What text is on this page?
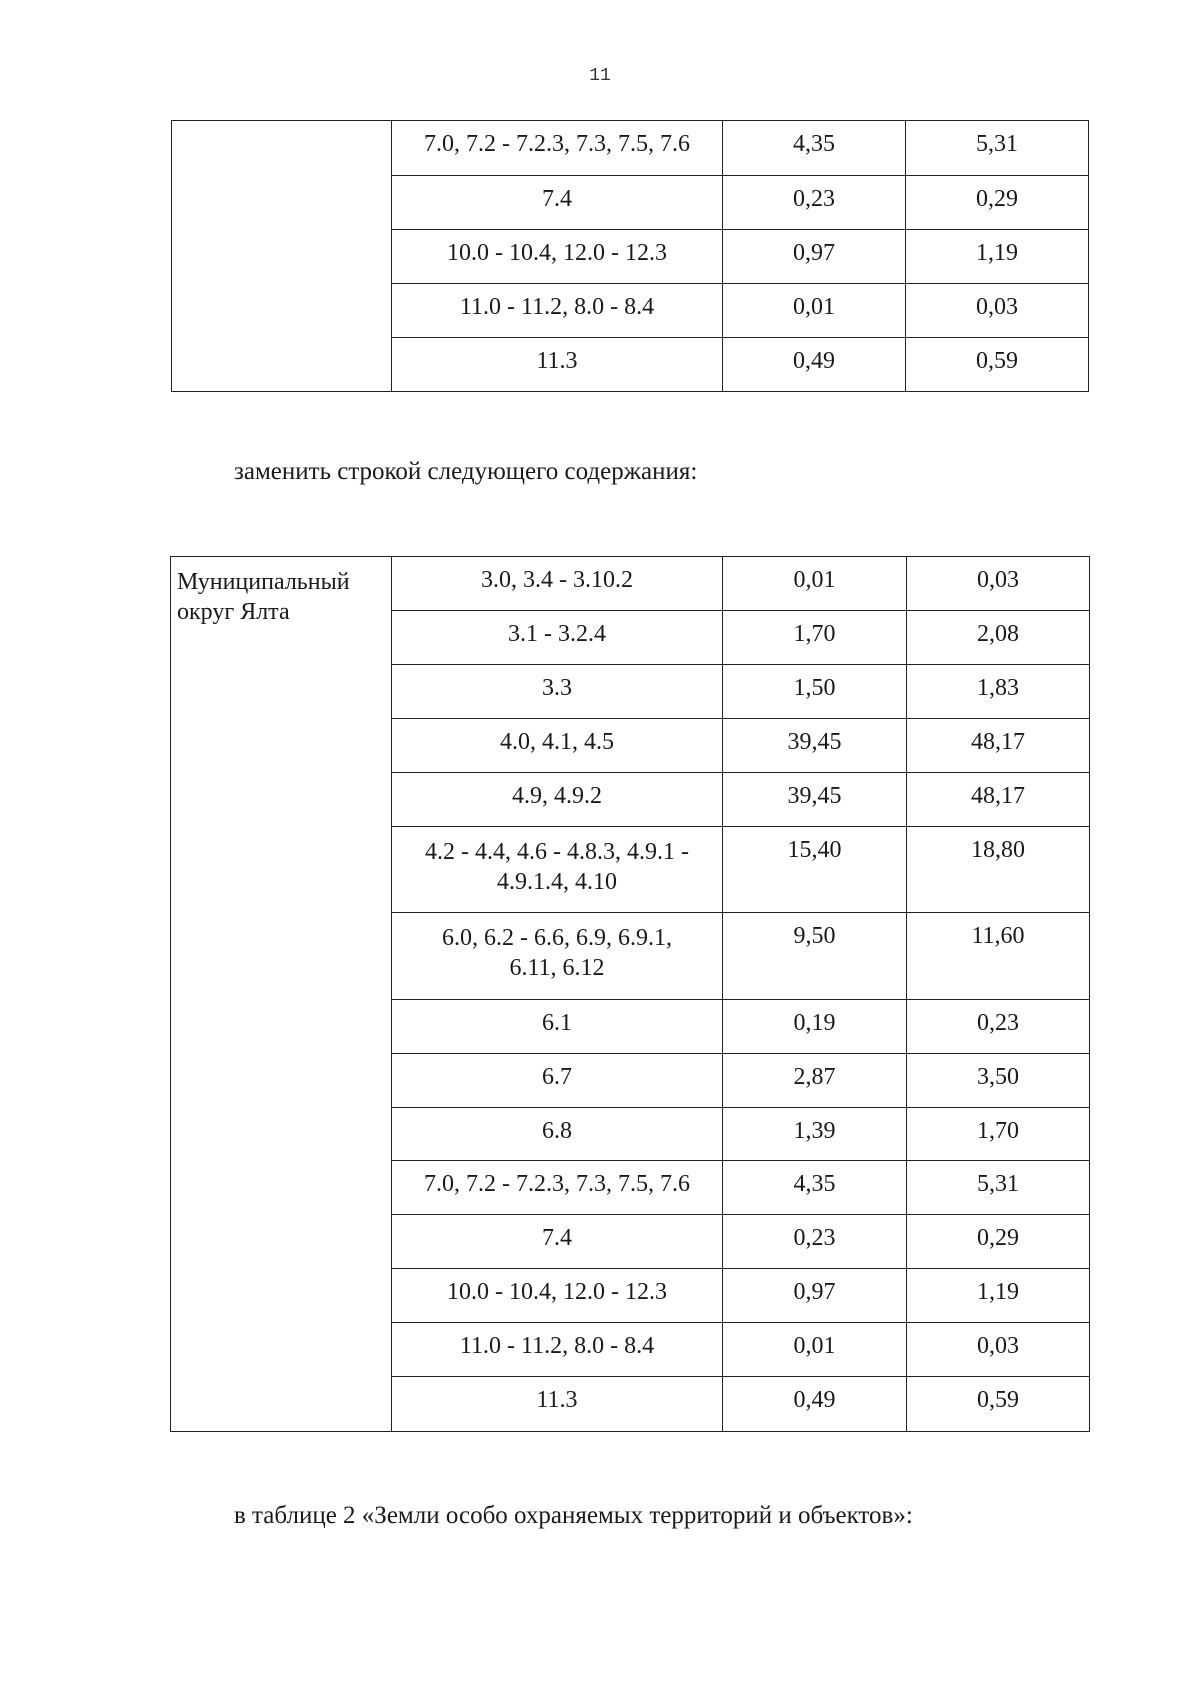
11
	7.0, 7.2 - 7.2.3, 7.3, 7.5, 7.6	4,35	5,31
	7.4	0,23	0,29
	10.0 - 10.4, 12.0 - 12.3	0,97	1,19
	11.0 - 11.2, 8.0 - 8.4	0,01	0,03
	11.3	0,49	0,59
заменить строкой следующего содержания:
Муниципальный округ Ялта	3.0, 3.4 - 3.10.2	0,01	0,03
	3.1 - 3.2.4	1,70	2,08
	3.3	1,50	1,83
	4.0, 4.1, 4.5	39,45	48,17
	4.9, 4.9.2	39,45	48,17

	4.2 - 4.4, 4.6 - 4.8.3, 4.9.1 -
4.9.1.4, 4.10	15,40	18,80

	6.0, 6.2 - 6.6, 6.9, 6.9.1,
6.11, 6.12	9,50	11,60
	6.1	0,19	0,23
	6.7	2,87	3,50
	6.8	1,39	1,70
	7.0, 7.2 - 7.2.3, 7.3, 7.5, 7.6	4,35	5,31
	7.4	0,23	0,29
	10.0 - 10.4, 12.0 - 12.3	0,97	1,19
	11.0 - 11.2, 8.0 - 8.4	0,01	0,03
	11.3	0,49	0,59
в таблице 2 «Земли особо охраняемых территорий и объектов»:
